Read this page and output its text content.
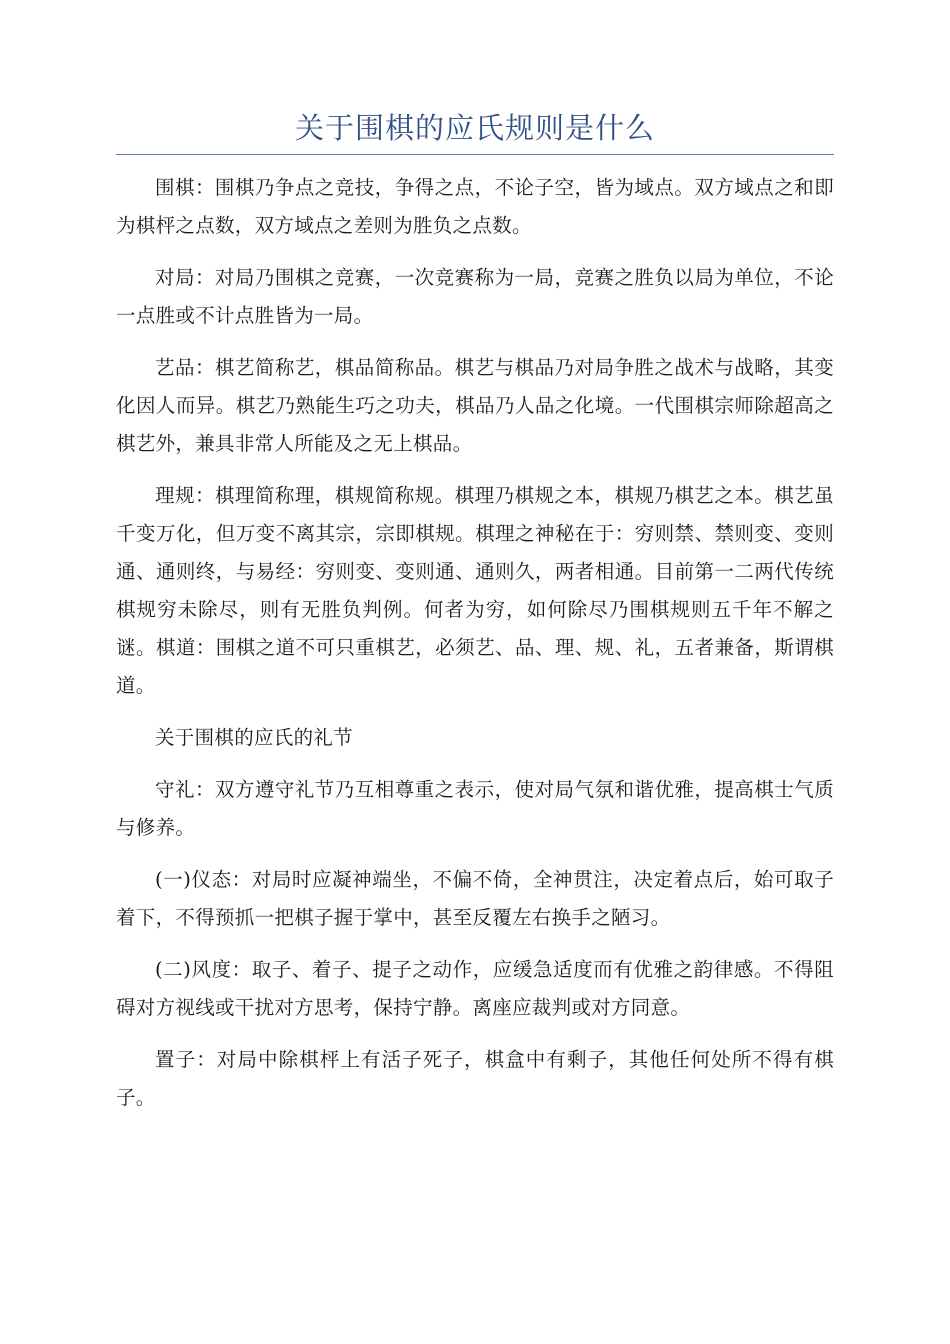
关于围棋的应氏规则是什么

围棋：围棋乃争点之竞技，争得之点，不论子空，皆为域点。双方域点之和即为棋枰之点数，双方域点之差则为胜负之点数。

对局：对局乃围棋之竞赛，一次竞赛称为一局，竞赛之胜负以局为单位，不论一点胜或不计点胜皆为一局。

艺品：棋艺简称艺，棋品简称品。棋艺与棋品乃对局争胜之战术与战略，其变化因人而异。棋艺乃熟能生巧之功夫，棋品乃人品之化境。一代围棋宗师除超高之棋艺外，兼具非常人所能及之无上棋品。

理规：棋理简称理，棋规简称规。棋理乃棋规之本，棋规乃棋艺之本。棋艺虽千变万化，但万变不离其宗，宗即棋规。棋理之神秘在于：穷则禁、禁则变、变则通、通则终，与易经：穷则变、变则通、通则久，两者相通。目前第一二两代传统棋规穷未除尽，则有无胜负判例。何者为穷，如何除尽乃围棋规则五千年不解之谜。棋道：围棋之道不可只重棋艺，必须艺、品、理、规、礼，五者兼备，斯谓棋道。

关于围棋的应氏的礼节

守礼：双方遵守礼节乃互相尊重之表示，使对局气氛和谐优雅，提高棋士气质与修养。

(一)仪态：对局时应凝神端坐，不偏不倚，全神贯注，决定着点后，始可取子着下，不得预抓一把棋子握于掌中，甚至反覆左右换手之陋习。

(二)风度：取子、着子、提子之动作，应缓急适度而有优雅之韵律感。不得阻碍对方视线或干扰对方思考，保持宁静。离座应裁判或对方同意。

置子：对局中除棋枰上有活子死子，棋盒中有剩子，其他任何处所不得有棋子。
